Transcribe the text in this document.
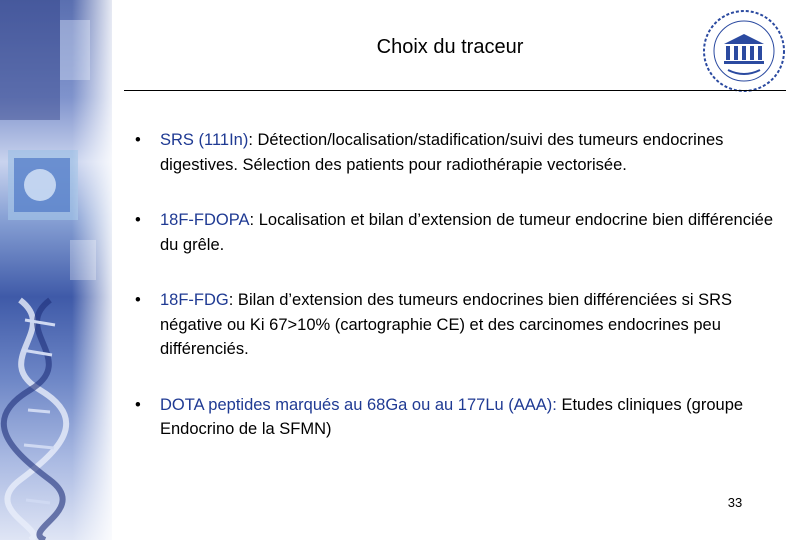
Choix du traceur
• SRS (111In): Détection/localisation/stadification/suivi des tumeurs endocrines digestives. Sélection des patients pour radiothérapie vectorisée.
• 18F-FDOPA: Localisation et bilan d’extension de tumeur endocrine bien différenciée du grêle.
• 18F-FDG: Bilan d’extension des tumeurs endocrines bien différenciées si SRS négative ou Ki 67>10% (cartographie CE) et des carcinomes endocrines peu différenciés.
• DOTA peptides marqués au 68Ga ou au 177Lu (AAA): Etudes cliniques (groupe Endocrino de la SFMN)
33
